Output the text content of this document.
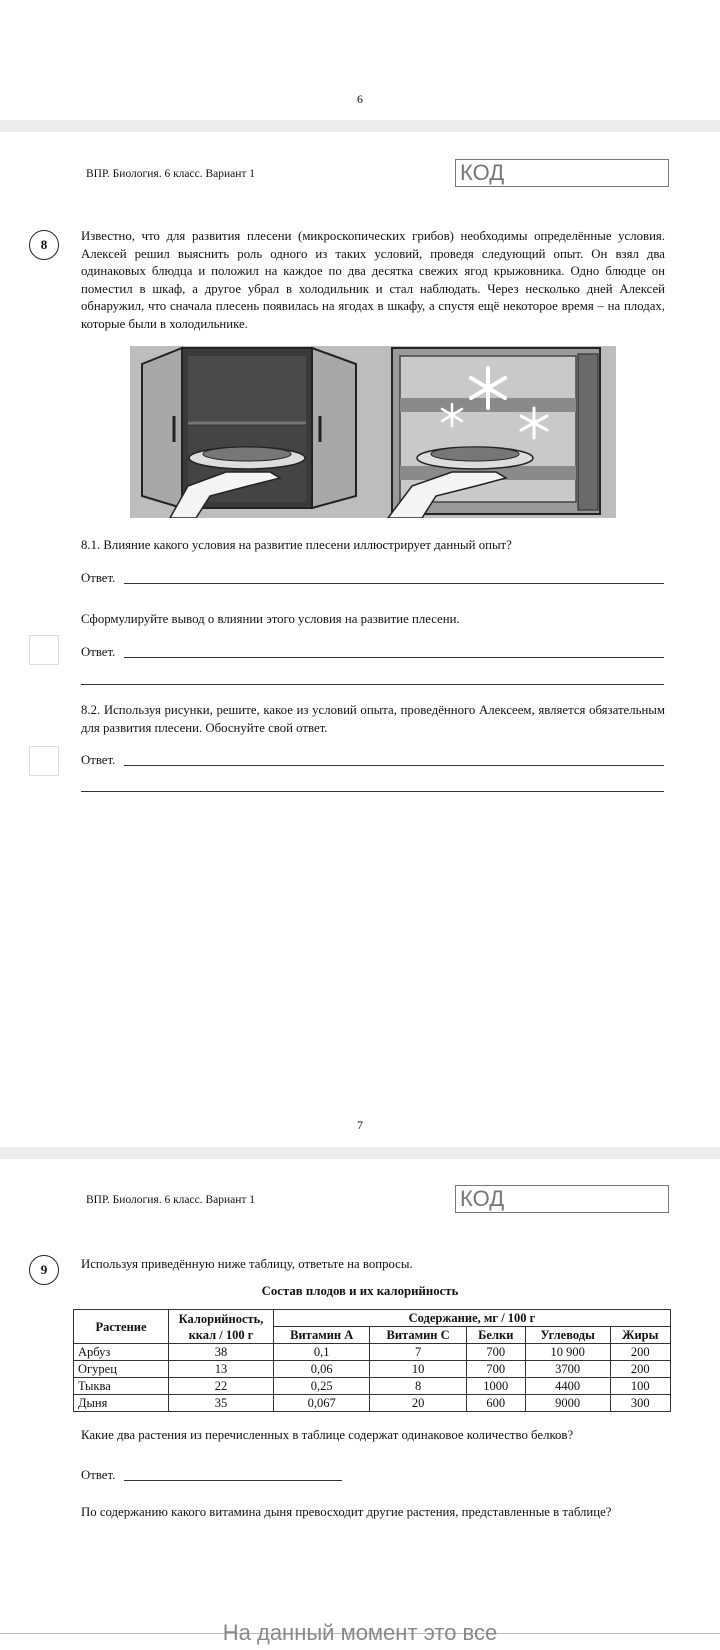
6
ВПР. Биология. 6 класс. Вариант 1	КОД
8
Известно, что для развития плесени (микроскопических грибов) необходимы определённые условия. Алексей решил выяснить роль одного из таких условий, проведя следующий опыт. Он взял два одинаковых блюдца и положил на каждое по два десятка свежих ягод крыжовника. Одно блюдце он поместил в шкаф, а другое убрал в холодильник и стал наблюдать. Через несколько дней Алексей обнаружил, что сначала плесень появилась на ягодах в шкафу, а спустя ещё некоторое время – на плодах, которые были в холодильнике.
8.1. Влияние какого условия на развитие плесени иллюстрирует данный опыт?
Ответ.
Сформулируйте вывод о влиянии этого условия на развитие плесени.
Ответ.
8.2. Используя рисунки, решите, какое из условий опыта, проведённого Алексеем, является обязательным для развития плесени. Обоснуйте свой ответ.
Ответ.
7
ВПР. Биология. 6 класс. Вариант 1	КОД
9	Используя приведённую ниже таблицу, ответьте на вопросы.
Состав плодов и их калорийность
Растение	Калорийность, ккал / 100 г	Содержание, мг / 100 г				
		Витамин А	Витамин С	Белки	Углеводы	Жиры
Арбуз	38	0,1	7	700	10 900	200
Огурец	13	0,06	10	700	3700	200
Тыква	22	0,25	8	1000	4400	100
Дыня	35	0,067	20	600	9000	300
Какие два растения из перечисленных в таблице содержат одинаковое количество белков?
Ответ.
По содержанию какого витамина дыня превосходит другие растения, представленные в таблице?
На данный момент это все
